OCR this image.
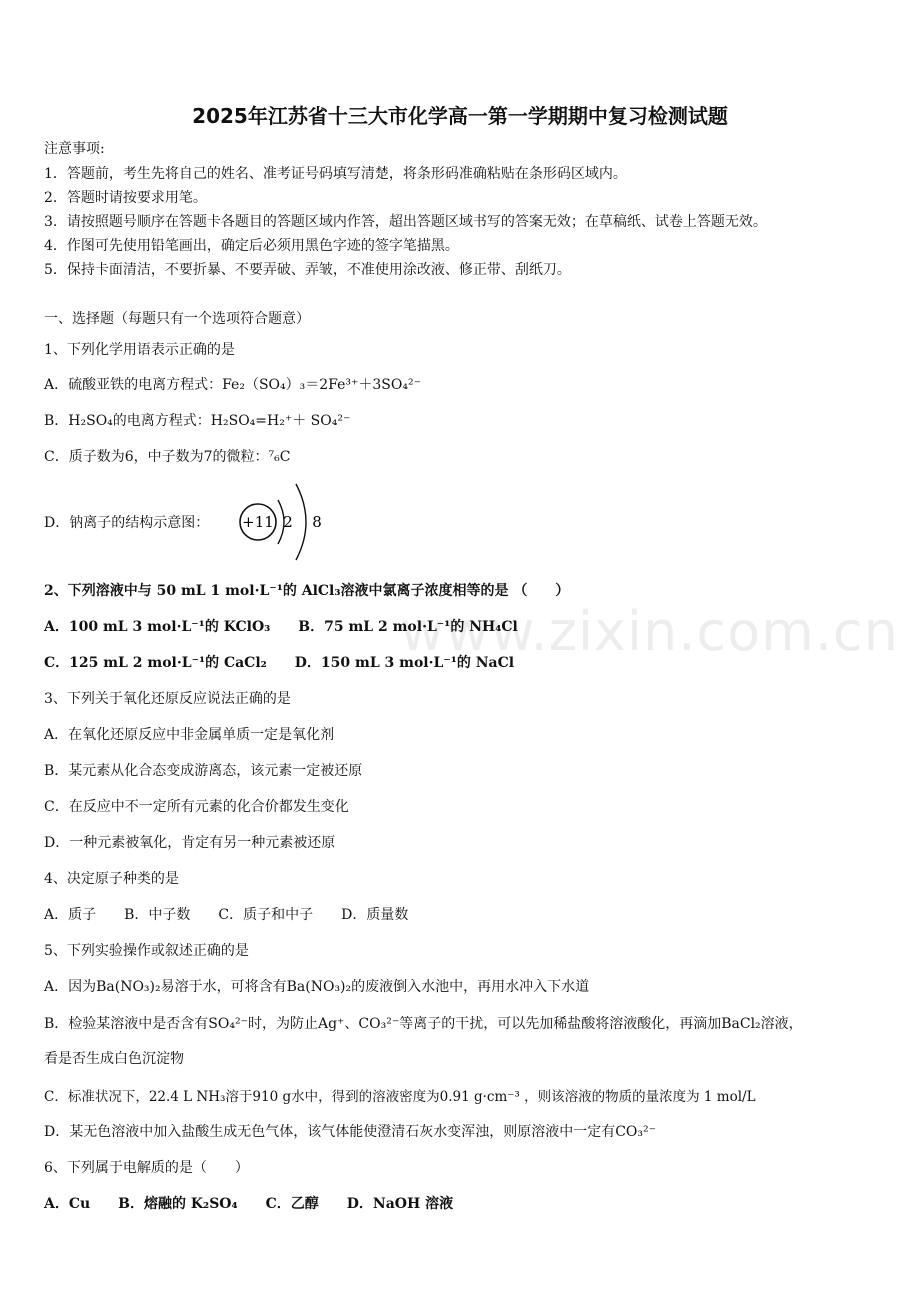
www.zixin.com.cn
2025年江苏省十三大市化学高一第一学期期中复习检测试题
注意事项:
1．答题前，考生先将自己的姓名、准考证号码填写清楚，将条形码准确粘贴在条形码区域内。
2．答题时请按要求用笔。
3．请按照题号顺序在答题卡各题目的答题区域内作答，超出答题区域书写的答案无效；在草稿纸、试卷上答题无效。
4．作图可先使用铅笔画出，确定后必须用黑色字迹的签字笔描黑。
5．保持卡面清洁，不要折暴、不要弄破、弄皱，不准使用涂改液、修正带、刮纸刀。
一、选择题（每题只有一个选项符合题意）
1、下列化学用语表示正确的是
A．硫酸亚铁的电离方程式：Fe₂（SO₄）₃＝2Fe³⁺＋3SO₄²⁻
B．H₂SO₄的电离方程式：H₂SO₄=H₂⁺＋ SO₄²⁻
C．质子数为6，中子数为7的微粒：⁷₆C
D．钠离子的结构示意图： +11 2 8
2、下列溶液中与 50 mL 1 mol·L⁻¹的 AlCl₃溶液中氯离子浓度相等的是 （　　）
A．100 mL 3 mol·L⁻¹的 KClO₃　　B．75 mL 2 mol·L⁻¹的 NH₄Cl
C．125 mL 2 mol·L⁻¹的 CaCl₂　　D．150 mL 3 mol·L⁻¹的 NaCl
3、下列关于氧化还原反应说法正确的是
A．在氧化还原反应中非金属单质一定是氧化剂
B．某元素从化合态变成游离态，该元素一定被还原
C．在反应中不一定所有元素的化合价都发生变化
D．一种元素被氧化，肯定有另一种元素被还原
4、决定原子种类的是
A．质子　　B．中子数　　C．质子和中子　　D．质量数
5、下列实验操作或叙述正确的是
A．因为Ba(NO₃)₂易溶于水，可将含有Ba(NO₃)₂的废液倒入水池中，再用水冲入下水道
B．检验某溶液中是否含有SO₄²⁻时，为防止Ag⁺、CO₃²⁻等离子的干扰，可以先加稀盐酸将溶液酸化，再滴加BaCl₂溶液，
看是否生成白色沉淀物
C．标准状况下，22.4 L NH₃溶于910 g水中，得到的溶液密度为0.91 g·cm⁻³ ，则该溶液的物质的量浓度为 1 mol/L
D．某无色溶液中加入盐酸生成无色气体，该气体能使澄清石灰水变浑浊，则原溶液中一定有CO₃²⁻
6、下列属于电解质的是（　　）
A．Cu　　B．熔融的 K₂SO₄　　C．乙醇　　D．NaOH 溶液
